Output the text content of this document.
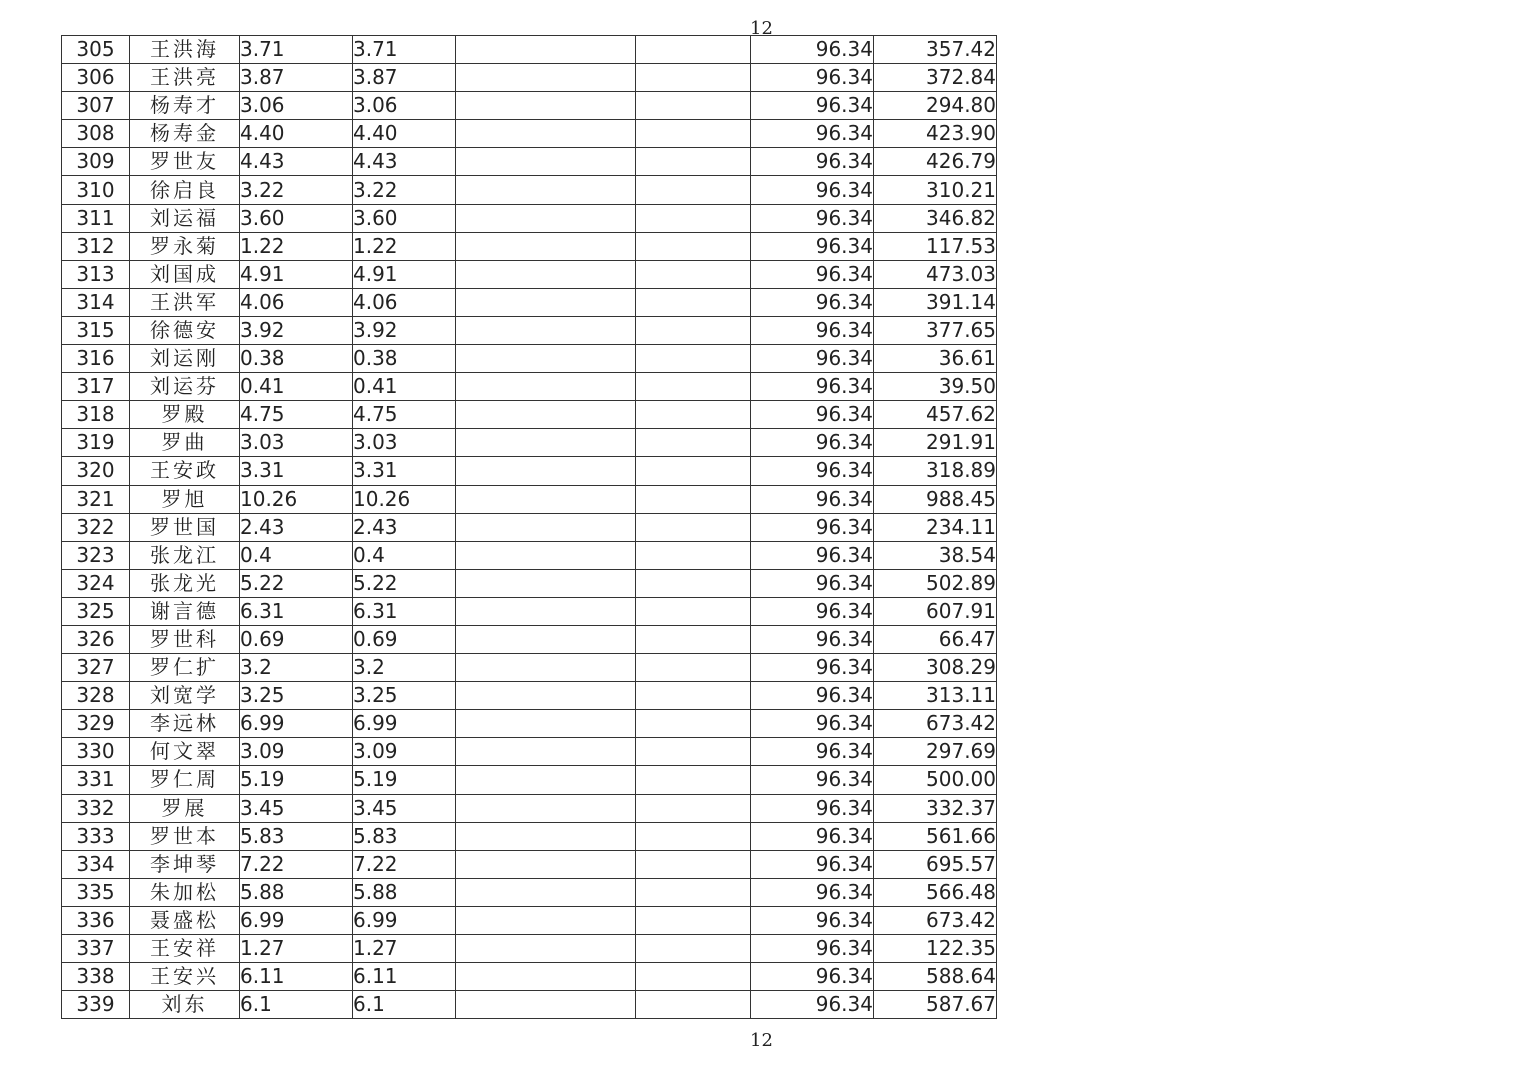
12
305	王洪海	3.71	3.71			96.34	357.42
306	王洪亮	3.87	3.87			96.34	372.84
307	杨寿才	3.06	3.06			96.34	294.80
308	杨寿金	4.40	4.40			96.34	423.90
309	罗世友	4.43	4.43			96.34	426.79
310	徐启良	3.22	3.22			96.34	310.21
311	刘运福	3.60	3.60			96.34	346.82
312	罗永菊	1.22	1.22			96.34	117.53
313	刘国成	4.91	4.91			96.34	473.03
314	王洪军	4.06	4.06			96.34	391.14
315	徐德安	3.92	3.92			96.34	377.65
316	刘运刚	0.38	0.38			96.34	36.61
317	刘运芬	0.41	0.41			96.34	39.50
318	罗殿	4.75	4.75			96.34	457.62
319	罗曲	3.03	3.03			96.34	291.91
320	王安政	3.31	3.31			96.34	318.89
321	罗旭	10.26	10.26			96.34	988.45
322	罗世国	2.43	2.43			96.34	234.11
323	张龙江	0.4	0.4			96.34	38.54
324	张龙光	5.22	5.22			96.34	502.89
325	谢言德	6.31	6.31			96.34	607.91
326	罗世科	0.69	0.69			96.34	66.47
327	罗仁扩	3.2	3.2			96.34	308.29
328	刘宽学	3.25	3.25			96.34	313.11
329	李远林	6.99	6.99			96.34	673.42
330	何文翠	3.09	3.09			96.34	297.69
331	罗仁周	5.19	5.19			96.34	500.00
332	罗展	3.45	3.45			96.34	332.37
333	罗世本	5.83	5.83			96.34	561.66
334	李坤琴	7.22	7.22			96.34	695.57
335	朱加松	5.88	5.88			96.34	566.48
336	聂盛松	6.99	6.99			96.34	673.42
337	王安祥	1.27	1.27			96.34	122.35
338	王安兴	6.11	6.11			96.34	588.64
339	刘东	6.1	6.1			96.34	587.67
12
